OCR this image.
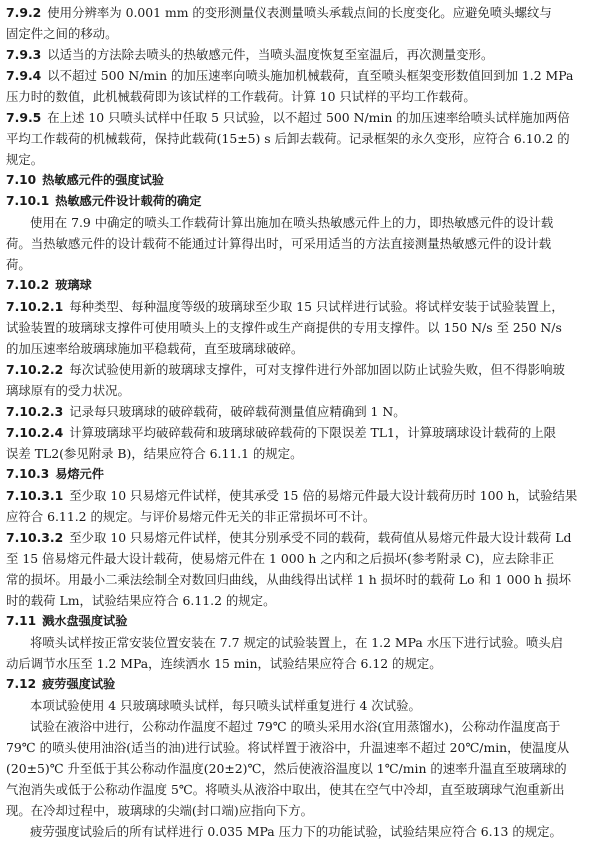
7.9.2 使用分辨率为 0.001 mm 的变形测量仪表测量喷头承载点间的长度变化。应避免喷头螺纹与
固定件之间的移动。
7.9.3 以适当的方法除去喷头的热敏感元件，当喷头温度恢复至室温后，再次测量变形。
7.9.4 以不超过 500 N/min 的加压速率向喷头施加机械载荷，直至喷头框架变形数值回到加 1.2 MPa
压力时的数值，此机械载荷即为该试样的工作载荷。计算 10 只试样的平均工作载荷。
7.9.5 在上述 10 只喷头试样中任取 5 只试验，以不超过 500 N/min 的加压速率给喷头试样施加两倍
平均工作载荷的机械载荷，保持此载荷(15±5) s 后卸去载荷。记录框架的永久变形，应符合 6.10.2 的
规定。
7.10 热敏感元件的强度试验
7.10.1 热敏感元件设计载荷的确定
使用在 7.9 中确定的喷头工作载荷计算出施加在喷头热敏感元件上的力，即热敏感元件的设计载
荷。当热敏感元件的设计载荷不能通过计算得出时，可采用适当的方法直接测量热敏感元件的设计载
荷。
7.10.2 玻璃球
7.10.2.1 每种类型、每种温度等级的玻璃球至少取 15 只试样进行试验。将试样安装于试验装置上，
试验装置的玻璃球支撑件可使用喷头上的支撑件或生产商提供的专用支撑件。以 150 N/s 至 250 N/s
的加压速率给玻璃球施加平稳载荷，直至玻璃球破碎。
7.10.2.2 每次试验使用新的玻璃球支撑件，可对支撑件进行外部加固以防止试验失败，但不得影响玻
璃球原有的受力状况。
7.10.2.3 记录每只玻璃球的破碎载荷，破碎载荷测量值应精确到 1 N。
7.10.2.4 计算玻璃球平均破碎载荷和玻璃球破碎载荷的下限误差 TL1，计算玻璃球设计载荷的上限
误差 TL2(参见附录 B)，结果应符合 6.11.1 的规定。
7.10.3 易熔元件
7.10.3.1 至少取 10 只易熔元件试样，使其承受 15 倍的易熔元件最大设计载荷历时 100 h，试验结果
应符合 6.11.2 的规定。与评价易熔元件无关的非正常损坏可不计。
7.10.3.2 至少取 10 只易熔元件试样，使其分别承受不同的载荷，载荷值从易熔元件最大设计载荷 Ld
至 15 倍易熔元件最大设计载荷，使易熔元件在 1 000 h 之内和之后损坏(参考附录 C)，应去除非正
常的损坏。用最小二乘法绘制全对数回归曲线，从曲线得出试样 1 h 损坏时的载荷 Lo 和 1 000 h 损坏
时的载荷 Lm，试验结果应符合 6.11.2 的规定。
7.11 溅水盘强度试验
将喷头试样按正常安装位置安装在 7.7 规定的试验装置上，在 1.2 MPa 水压下进行试验。喷头启
动后调节水压至 1.2 MPa，连续洒水 15 min，试验结果应符合 6.12 的规定。
7.12 疲劳强度试验
本项试验使用 4 只玻璃球喷头试样，每只喷头试样重复进行 4 次试验。
试验在液浴中进行，公称动作温度不超过 79℃ 的喷头采用水浴(宜用蒸馏水)，公称动作温度高于
79℃ 的喷头使用油浴(适当的油)进行试验。将试样置于液浴中，升温速率不超过 20℃/min，使温度从
(20±5)℃ 升至低于其公称动作温度(20±2)℃，然后使液浴温度以 1℃/min 的速率升温直至玻璃球的
气泡消失或低于公称动作温度 5℃。将喷头从液浴中取出，使其在空气中冷却，直至玻璃球气泡重新出
现。在冷却过程中，玻璃球的尖端(封口端)应指向下方。
疲劳强度试验后的所有试样进行 0.035 MPa 压力下的功能试验，试验结果应符合 6.13 的规定。
